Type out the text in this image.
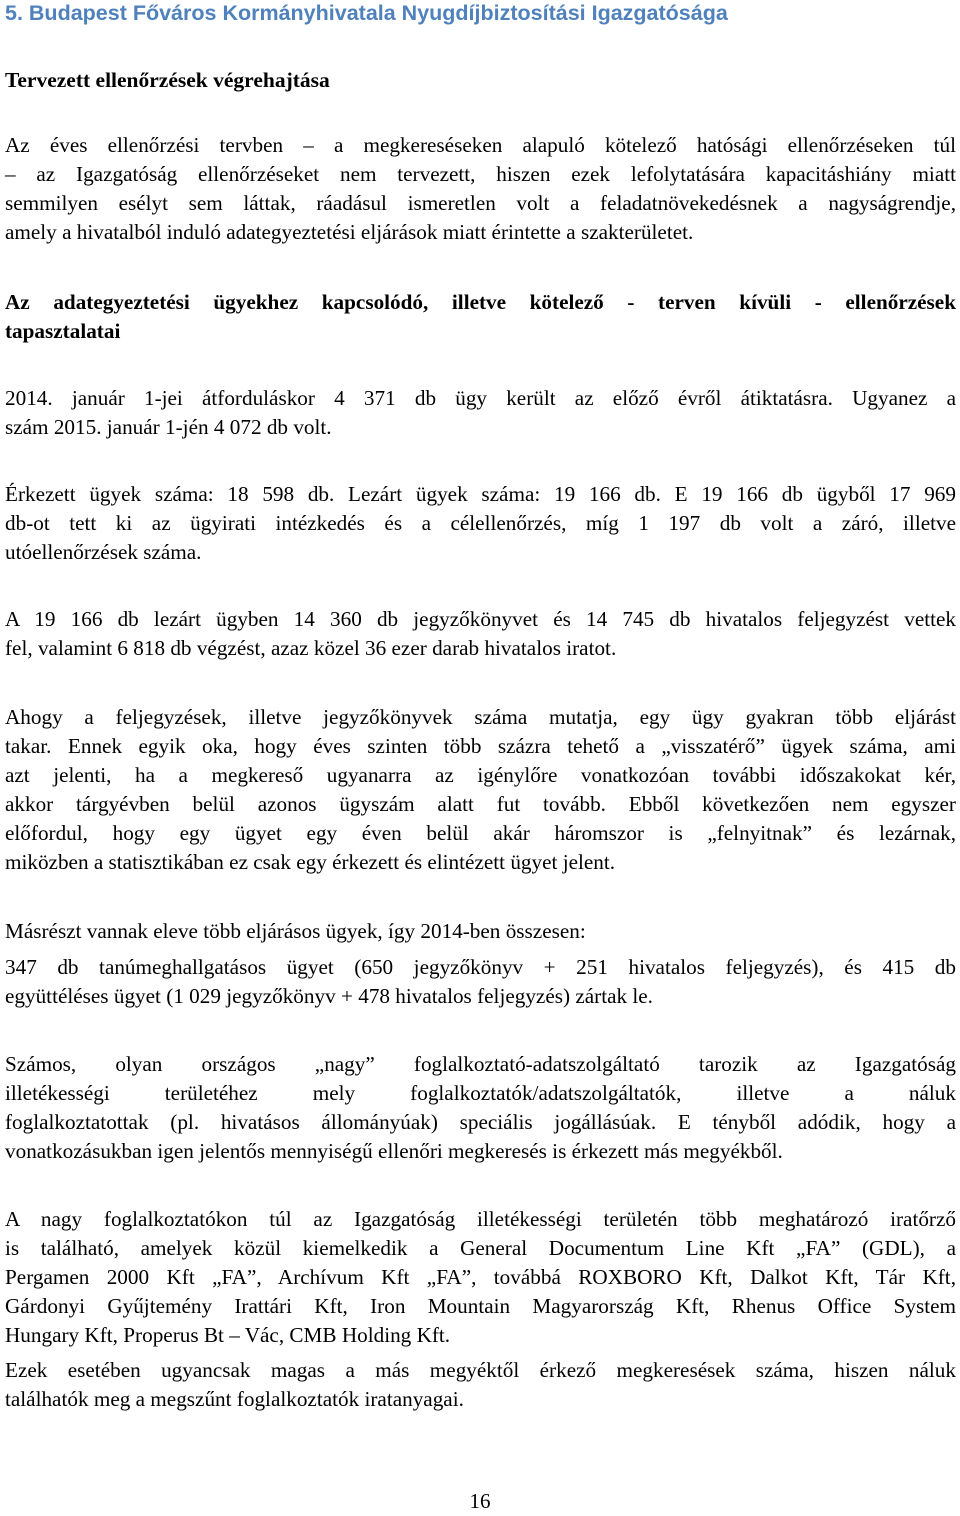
5. Budapest Főváros Kormányhivatala Nyugdíjbiztosítási Igazgatósága
Tervezett ellenőrzések végrehajtása
Az éves ellenőrzési tervben – a megkereséseken alapuló kötelező hatósági ellenőrzéseken túl
– az Igazgatóság ellenőrzéseket nem tervezett, hiszen ezek lefolytatására kapacitáshiány miatt
semmilyen esélyt sem láttak, ráadásul ismeretlen volt a feladatnövekedésnek a nagyságrendje,
amely a hivatalból induló adategyeztetési eljárások miatt érintette a szakterületet.
Az adategyeztetési ügyekhez kapcsolódó, illetve kötelező - terven kívüli - ellenőrzések
tapasztalatai
2014. január 1-jei átforduláskor 4 371 db ügy került az előző évről átiktatásra. Ugyanez a
szám 2015. január 1-jén 4 072 db volt.
Érkezett ügyek száma: 18 598 db. Lezárt ügyek száma: 19 166 db. E 19 166 db ügyből 17 969
db-ot tett ki az ügyirati intézkedés és a célellenőrzés, míg 1 197 db volt a záró, illetve
utóellenőrzések száma.
A 19 166 db lezárt ügyben 14 360 db jegyzőkönyvet és 14 745 db hivatalos feljegyzést vettek
fel, valamint 6 818 db végzést, azaz közel 36 ezer darab hivatalos iratot.
Ahogy a feljegyzések, illetve jegyzőkönyvek száma mutatja, egy ügy gyakran több eljárást
takar. Ennek egyik oka, hogy éves szinten több százra tehető a „visszatérő” ügyek száma, ami
azt jelenti, ha a megkereső ugyanarra az igénylőre vonatkozóan további időszakokat kér,
akkor tárgyévben belül azonos ügyszám alatt fut tovább. Ebből következően nem egyszer
előfordul, hogy egy ügyet egy éven belül akár háromszor is „felnyitnak” és lezárnak,
miközben a statisztikában ez csak egy érkezett és elintézett ügyet jelent.
Másrészt vannak eleve több eljárásos ügyek, így 2014-ben összesen:
347 db tanúmeghallgatásos ügyet (650 jegyzőkönyv + 251 hivatalos feljegyzés), és 415 db
együttéléses ügyet (1 029 jegyzőkönyv + 478 hivatalos feljegyzés) zártak le.
Számos, olyan országos „nagy” foglalkoztató-adatszolgáltató tarozik az Igazgatóság
illetékességi területéhez mely foglalkoztatók/adatszolgáltatók, illetve a náluk
foglalkoztatottak (pl. hivatásos állományúak) speciális jogállásúak. E tényből adódik, hogy a
vonatkozásukban igen jelentős mennyiségű ellenőri megkeresés is érkezett más megyékből.
A nagy foglalkoztatókon túl az Igazgatóság illetékességi területén több meghatározó iratőrző
is található, amelyek közül kiemelkedik a General Documentum Line Kft „FA” (GDL), a
Pergamen 2000 Kft „FA”, Archívum Kft „FA”, továbbá ROXBORO Kft, Dalkot Kft, Tár Kft,
Gárdonyi Gyűjtemény Irattári Kft, Iron Mountain Magyarország Kft, Rhenus Office System
Hungary Kft, Properus Bt – Vác, CMB Holding Kft.
Ezek esetében ugyancsak magas a más megyéktől érkező megkeresések száma, hiszen náluk
találhatók meg a megszűnt foglalkoztatók iratanyagai.
16
